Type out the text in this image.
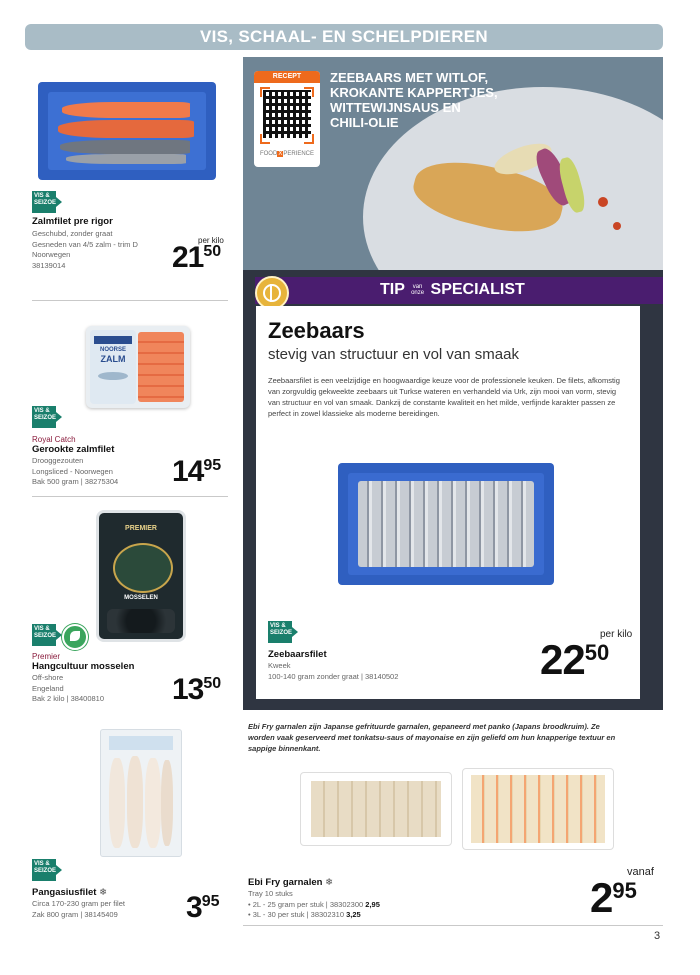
VIS, SCHAAL- EN SCHELPDIEREN
VIS &
SEIZOEN
Zalmfilet pre rigor
Geschubd, zonder graat
Gesneden van 4/5 zalm - trim D
Noorwegen
38139014
per kilo
2150
NOORSE
ZALM
VIS &
SEIZOEN
Royal Catch
Gerookte zalmfilet
Drooggezouten
Longsliced - Noorwegen
Bak 500 gram | 38275304 1495
PREMIER
MOSSELEN
VIS &
SEIZOEN
Premier
Hangcultuur mosselen
Off-shore
Engeland
Bak 2 kilo | 38400810 1350
VIS &
SEIZOEN
Pangasiusfilet ❄
Circa 170-230 gram per filet
Zak 800 gram | 38145409 395
RECEPT
FOODXPERIENCE
ZEEBAARS MET WITLOF,
KROKANTE KAPPERTJES,
WITTEWIJNSAUS EN
CHILI-OLIE
TIP van
onze SPECIALIST
Zeebaars
stevig van structuur en vol van smaak
Zeebaarsfilet is een veelzijdige en hoogwaardige keuze voor de professionele keuken. De filets, afkomstig van zorgvuldig gekweekte zeebaars uit Turkse wateren en verhandeld via Urk, zijn mooi van vorm, stevig van structuur en vol van smaak. Dankzij de constante kwaliteit en het milde, verfijnde karakter passen ze perfect in zowel klassieke als moderne bereidingen.
VIS &
SEIZOEN
Zeebaarsfilet
Kweek
100-140 gram zonder graat | 38140502
per kilo
2250
Ebi Fry garnalen zijn Japanse gefrituurde garnalen, gepaneerd met panko (Japans broodkruim). Ze worden vaak geserveerd met tonkatsu-saus of mayonaise en zijn geliefd om hun knapperige textuur en sappige binnenkant.
Ebi Fry garnalen ❄
Tray 10 stuks
• 2L - 25 gram per stuk | 38302300 2,95
• 3L - 30 per stuk | 38302310 3,25
vanaf
295
3
